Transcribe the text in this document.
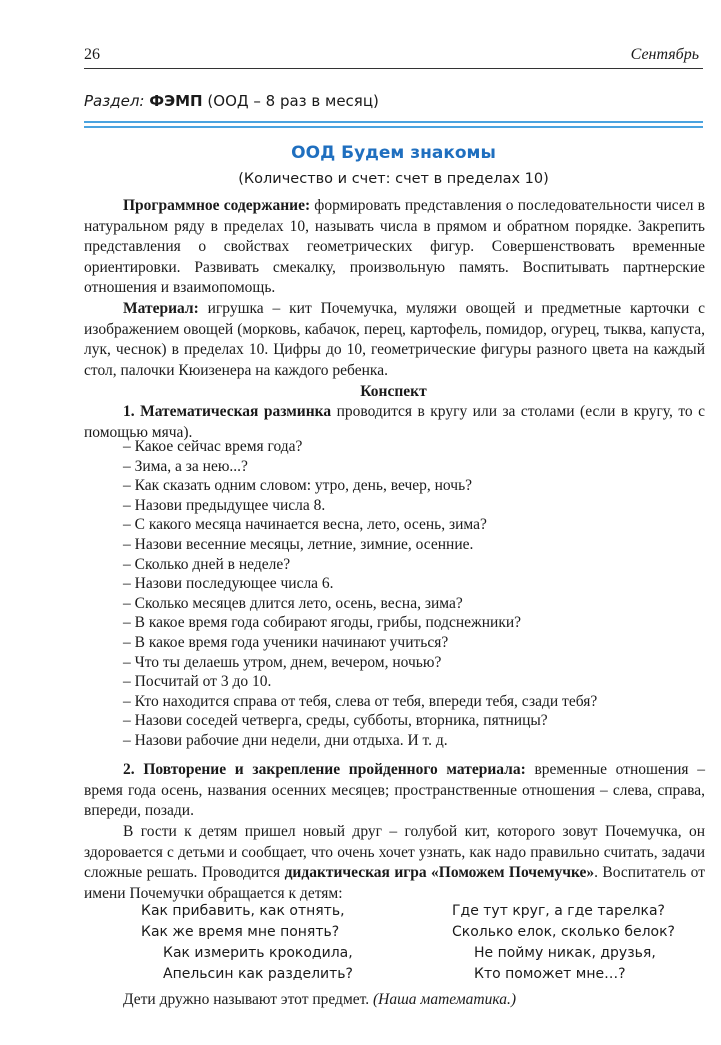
26	Сентябрь
Раздел: ФЭМП (ООД – 8 раз в месяц)
ООД Будем знакомы
(Количество и счет: счет в пределах 10)

Программное содержание: формировать представления о последовательности чисел в натуральном ряду в пределах 10, называть числа в прямом и обратном порядке. Закрепить представления о свойствах геометрических фигур. Совершенствовать временные ориентировки. Развивать смекалку, произвольную память. Воспитывать партнерские отношения и взаимопомощь.

Материал: игрушка – кит Почемучка, муляжи овощей и предметные карточки с изображением овощей (морковь, кабачок, перец, картофель, помидор, огурец, тыква, капуста, лук, чеснок) в пределах 10. Цифры до 10, геометрические фигуры разного цвета на каждый стол, палочки Кюизенера на каждого ребенка.

Конспект

1. Математическая разминка проводится в кругу или за столами (если в кругу, то с помощью мяча).

– Какое сейчас время года?
– Зима, а за нею...?
– Как сказать одним словом: утро, день, вечер, ночь?
– Назови предыдущее числа 8.
– С какого месяца начинается весна, лето, осень, зима?
– Назови весенние месяцы, летние, зимние, осенние.
– Сколько дней в неделе?
– Назови последующее числа 6.
– Сколько месяцев длится лето, осень, весна, зима?
– В какое время года собирают ягоды, грибы, подснежники?
– В какое время года ученики начинают учиться?
– Что ты делаешь утром, днем, вечером, ночью?
– Посчитай от 3 до 10.
– Кто находится справа от тебя, слева от тебя, впереди тебя, сзади тебя?
– Назови соседей четверга, среды, субботы, вторника, пятницы?
– Назови рабочие дни недели, дни отдыха. И т. д.

2. Повторение и закрепление пройденного материала: временные отношения – время года осень, названия осенних месяцев; пространственные отношения – слева, справа, впереди, позади.

В гости к детям пришел новый друг – голубой кит, которого зовут Почемучка, он здоровается с детьми и сообщает, что очень хочет узнать, как надо правильно считать, задачи сложные решать. Проводится дидактическая игра «Поможем Почемучке». Воспитатель от имени Почемучки обращается к детям:

Как прибавить, как отнять,
Как же время мне понять?
Как измерить крокодила,
Апельсин как разделить?
Где тут круг, а где тарелка?
Сколько елок, сколько белок?
Не пойму никак, друзья,
Кто поможет мне…?

Дети дружно называют этот предмет. (Наша математика.)
